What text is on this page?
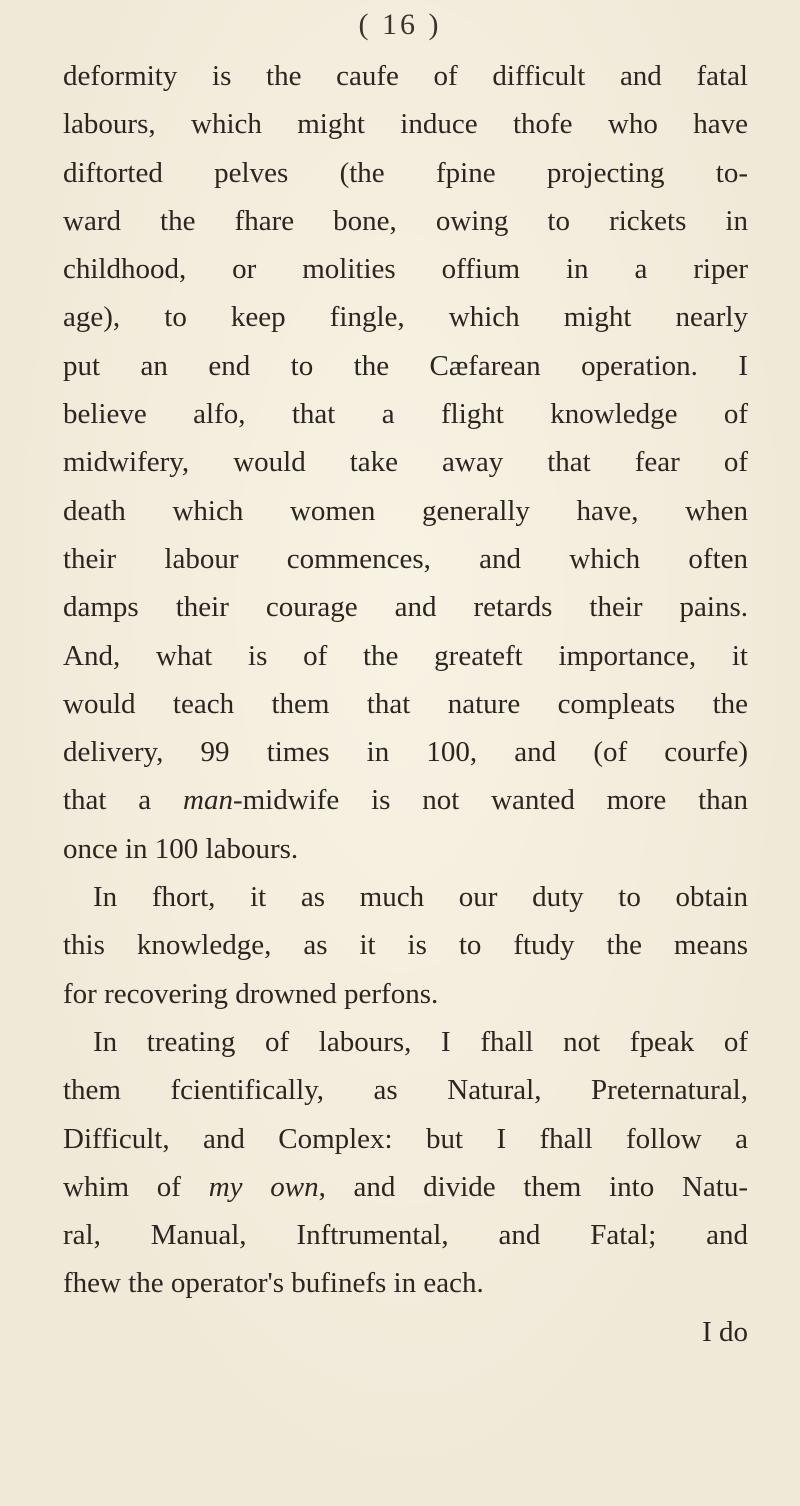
( 16 )
deformity is the caufe of difficult and fatal
labours, which might induce thofe who have
diftorted pelves (the fpine projecting to-
ward the fhare bone, owing to rickets in
childhood, or molities offium in a riper
age), to keep fingle, which might nearly
put an end to the Cæfarean operation. I
believe alfo, that a flight knowledge of
midwifery, would take away that fear of
death which women generally have, when
their labour commences, and which often
damps their courage and retards their pains.
And, what is of the greateft importance, it
would teach them that nature compleats the
delivery, 99 times in 100, and (of courfe)
that a man-midwife is not wanted more than
once in 100 labours.
In fhort, it as much our duty to obtain
this knowledge, as it is to ftudy the means
for recovering drowned perfons.
In treating of labours, I fhall not fpeak of
them fcientifically, as Natural, Preternatural,
Difficult, and Complex: but I fhall follow a
whim of my own, and divide them into Natu-
ral, Manual, Inftrumental, and Fatal; and
fhew the operator's bufinefs in each.
I do
